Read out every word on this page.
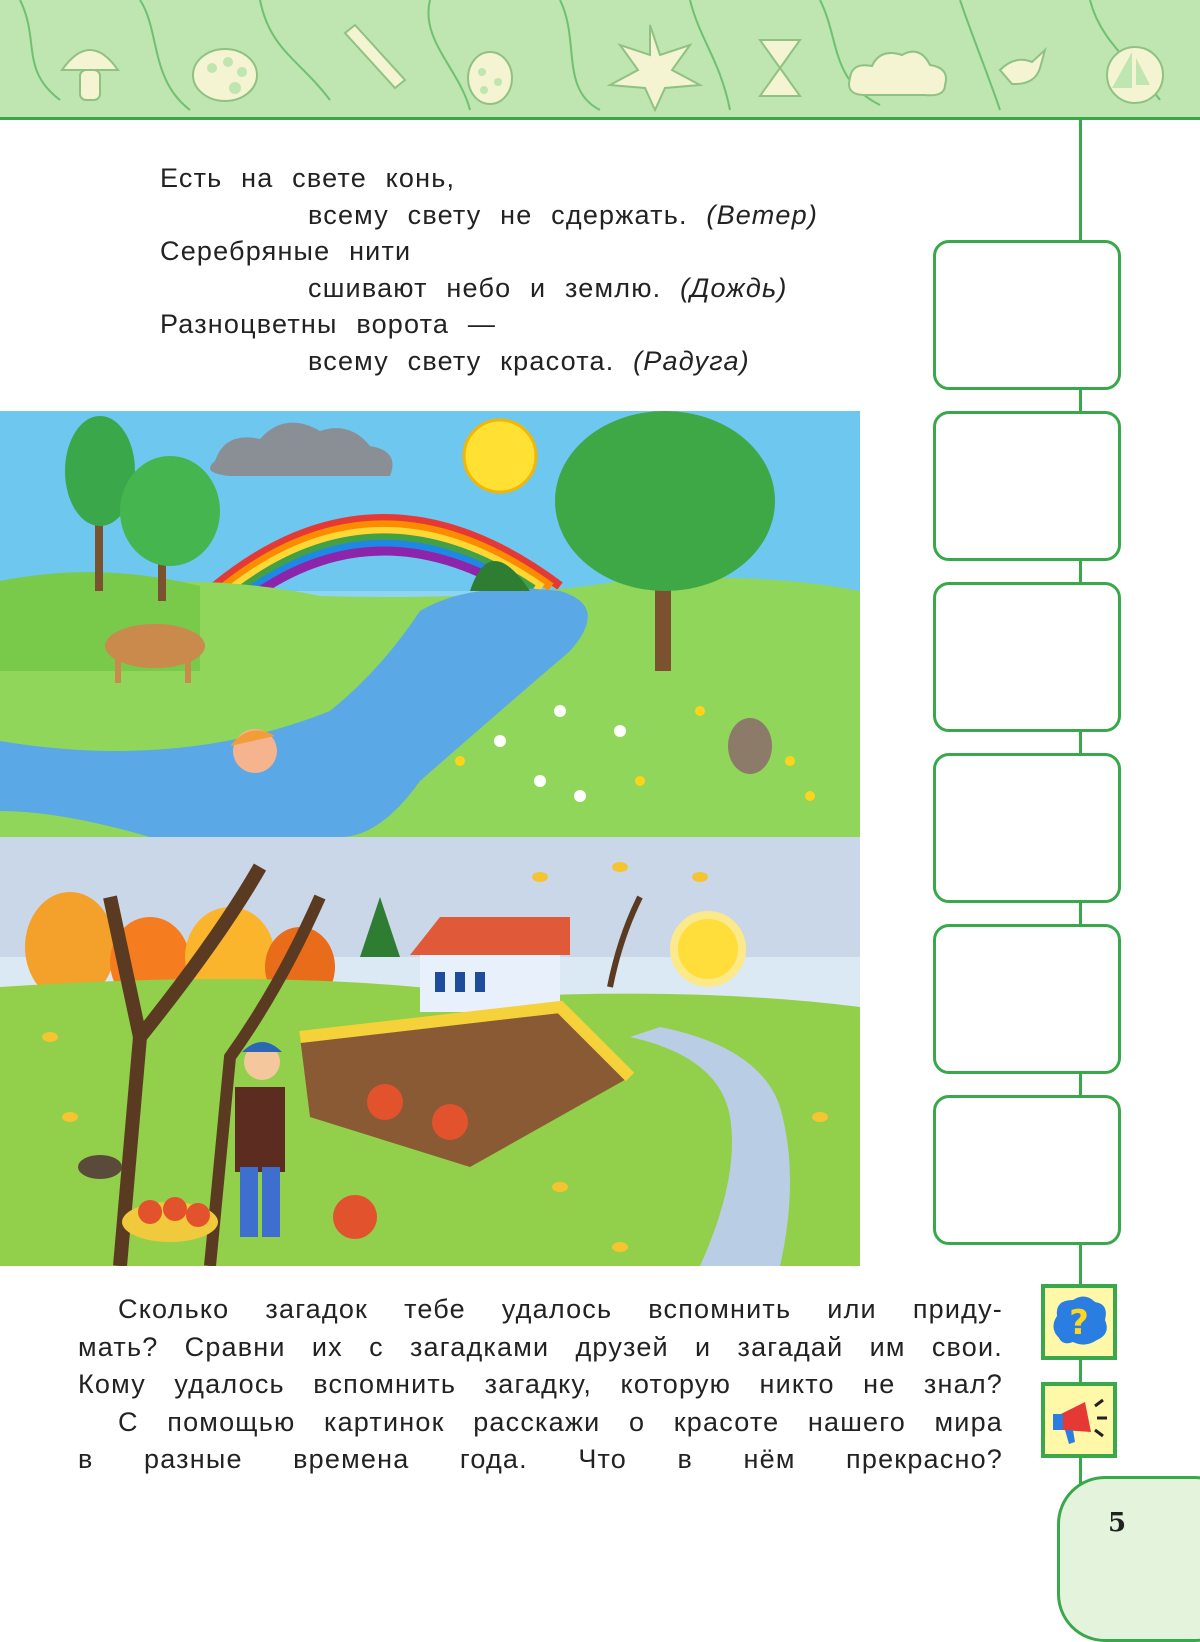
Есть на свете конь,
всему свету не сдержать. (Ветер)
Серебряные нити
сшивают небо и землю. (Дождь)
Разноцветны ворота —
всему свету красота. (Радуга)
Сколько загадок тебе удалось вспомнить или приду-
мать? Сравни их с загадками друзей и загадай им свои.
Кому удалось вспомнить загадку, которую никто не знал?
С помощью картинок расскажи о красоте нашего мира
в разные времена года. Что в нём прекрасно?
?
5
